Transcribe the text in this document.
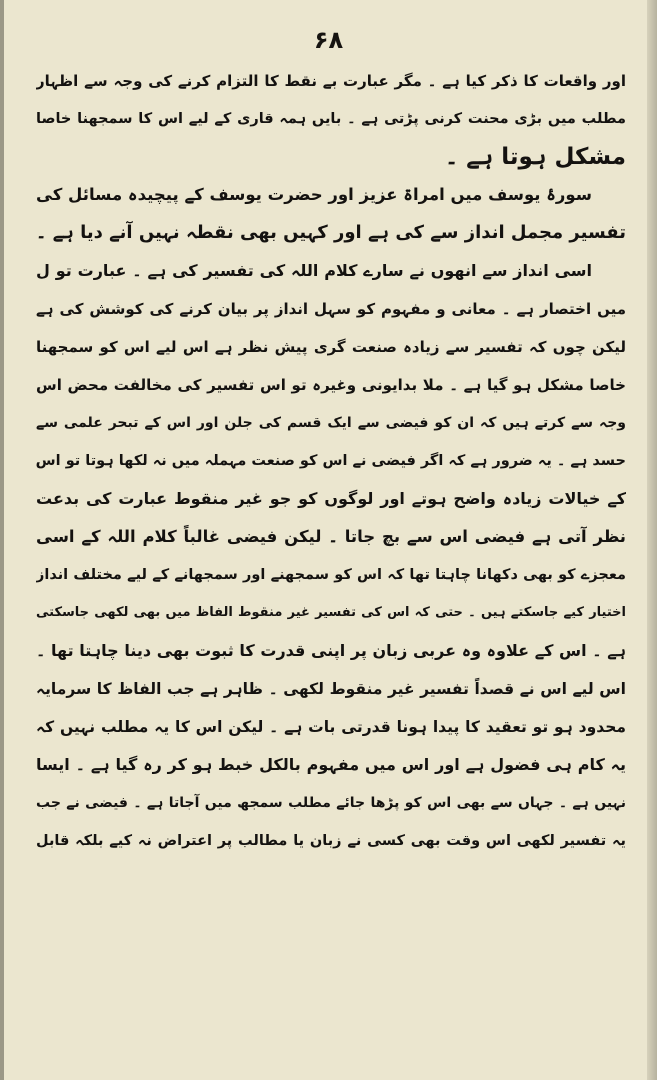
۶۸
اور واقعات کا ذکر کیا ہے ۔ مگر عبارت بے نقط کا التزام کرنے کی وجہ سے اظہار
مطلب میں بڑی محنت کرنی پڑتی ہے ۔ بایں ہمہ قاری کے لیے اس کا سمجھنا خاصا
مشکل ہوتا ہے ۔
سورۂ یوسف میں امراۃ عزیز اور حضرت یوسف کے پیچیدہ مسائل کی
تفسیر مجمل انداز سے کی ہے اور کہیں بھی نقطہ نہیں آنے دیا ہے ۔
اسی انداز سے انھوں نے سارے کلام اللہ کی تفسیر کی ہے ۔ عبارت تو ل
میں اختصار ہے ۔ معانی و مفہوم کو سہل انداز پر بیان کرنے کی کوشش کی ہے
لیکن چوں کہ تفسیر سے زیادہ صنعت گری پیش نظر ہے اس لیے اس کو سمجھنا
خاصا مشکل ہو گیا ہے ۔ ملا بدایونی وغیرہ تو اس تفسیر کی مخالفت محض اس
وجہ سے کرتے ہیں کہ ان کو فیضی سے ایک قسم کی جلن اور اس کے تبحر علمی سے
حسد ہے ۔ یہ ضرور ہے کہ اگر فیضی نے اس کو صنعت مہملہ میں نہ لکھا ہوتا تو اس
کے خیالات زیادہ واضح ہوتے اور لوگوں کو جو غیر منقوط عبارت کی بدعت
نظر آتی ہے فیضی اس سے بچ جاتا ۔ لیکن فیضی غالباً کلام اللہ کے اسی
معجزے کو بھی دکھانا چاہتا تھا کہ اس کو سمجھنے اور سمجھانے کے لیے مختلف انداز
اختیار کیے جاسکتے ہیں ۔ حتی کہ اس کی تفسیر غیر منقوط الفاظ میں بھی لکھی جاسکتی
ہے ۔ اس کے علاوہ وہ عربی زبان پر اپنی قدرت کا ثبوت بھی دینا چاہتا تھا ۔
اس لیے اس نے قصداً تفسیر غیر منقوط لکھی ۔ ظاہر ہے جب الفاظ کا سرمایہ
محدود ہو تو تعقید کا پیدا ہونا قدرتی بات ہے ۔ لیکن اس کا یہ مطلب نہیں کہ
یہ کام ہی فضول ہے اور اس میں مفہوم بالکل خبط ہو کر رہ گیا ہے ۔ ایسا
نہیں ہے ۔ جہاں سے بھی اس کو پڑھا جائے مطلب سمجھ میں آجاتا ہے ۔ فیضی نے جب
یہ تفسیر لکھی اس وقت بھی کسی نے زبان یا مطالب پر اعتراض نہ کیے بلکہ قابل
